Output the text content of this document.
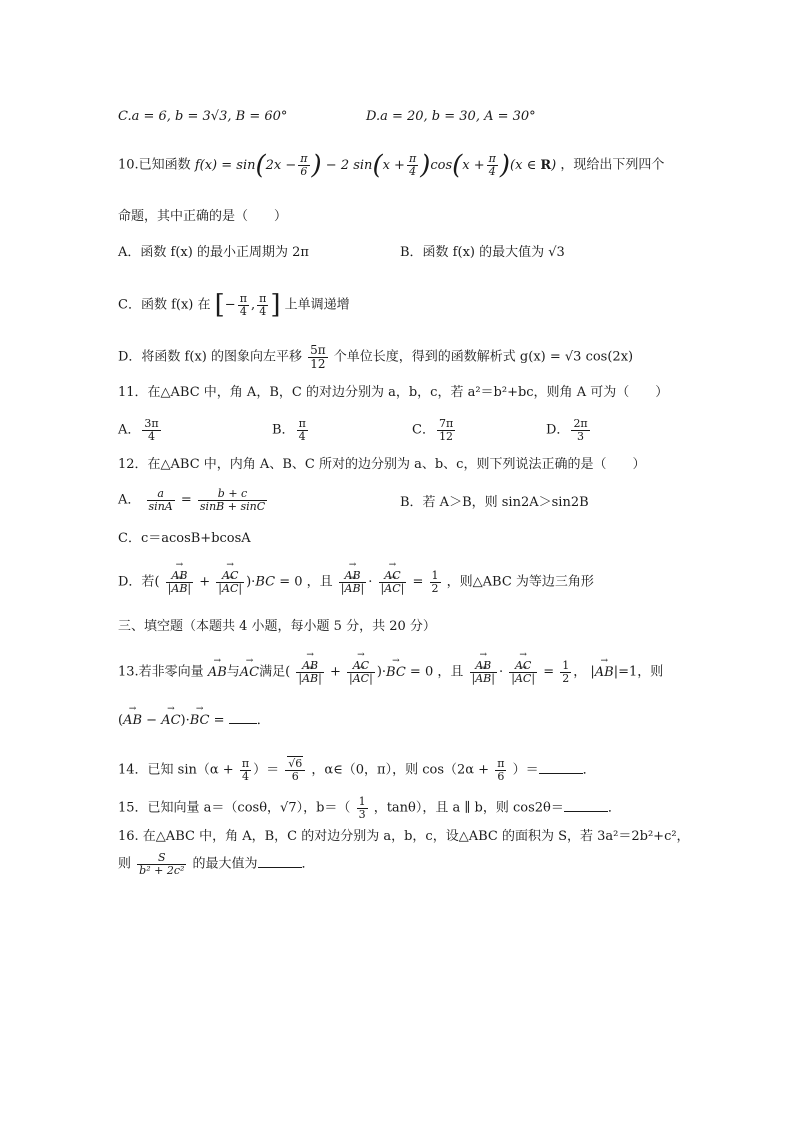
C.a = 6, b = 3√3, B = 60°	D.a = 20, b = 30, A = 30°
10.已知函数 $f(x) = \sin(2x - \frac{\pi}{6}$ ) − 2 $\sin(x + \frac{\pi}{4} )\cos(x + \frac{\pi}{4} )(x$ ∈ R) ，现给出下列四个
命题，其中正确的是（　　）
A．函数 f(x) 的最小正周期为 2π	B．函数 f(x) 的最大值为 √3
C．函数 f(x) 在 [− $\frac{\pi}{4}$ , $\frac{\pi}{4}$ ] 上单调递增
D．将函数 f(x) 的图象向左平移 $\frac{5\pi}{12}$ 个单位长度，得到的函数解析式 g(x) = √3 cos(2x)
11．在△ABC 中，角 A，B，C 的对边分别为 a，b，c，若 a²＝b²+bc，则角 A 可为（　　）
A． $\frac{3\pi}{4}$	B． $\frac{\pi}{4}$	C． $\frac{7\pi}{12}$	D． $\frac{2\pi}{3}$
12．在△ABC 中，内角 A、B、C 所对的边分别为 a、b、c，则下列说法正确的是（　　）
A． $\frac{a}{\sin A} = \frac{b + c}{\sin B + \sin C}$	B．若 A＞B，则 sin2A＞sin2B
C．c＝acosB+bcosA
D．若( → $\frac{AB}{|\to AB|}$ + → $\frac{AC}{|\to AC|} )\cdot BC = 0$ ，且 → $\frac{AB}{|\to AB|}$ · → $\frac{AC}{|\to AC|} = \frac{1}{2}$ ，则△ABC 为等边三角形
三、填空题（本题共 4 小题，每小题 5 分，共 20 分）
13.若非零向量 → AB与→ AC满足( → $\frac{AB}{|\to AB|}$ + → $\frac{AC}{|\to AC|}$ )·→ BC = 0 ，且 → $\frac{AB}{|\to AB|}$ · → $\frac{AC}{|\to AC|} = \frac{1}{2}$ ， |→ AB|=1，则
(→ AB − → AC)·→ BC = ．
14．已知 $\sin(\alpha + \frac{\pi}{4}$ ）＝ $\frac{√6}{6}$ ，α∈（0，π），则 $\cos(2\alpha + \frac{\pi}{6}$ ）＝	．
15．已知向量 a＝（cosθ，√7），$b=( \frac{1}{3}$ ，tanθ），且 a ∥ b，则 cos2θ＝	．
16. 在△ABC 中，角 A，B，C 的对边分别为 a，b，c，设△ABC 的面积为 S，若 3a²＝2b²+c²，
则 $\frac{S}{\text{b² + 2c²}}$ 的最大值为	．
